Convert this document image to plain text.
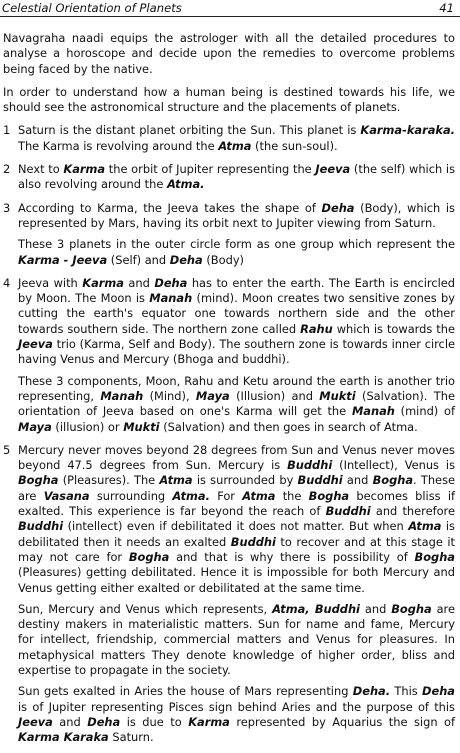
Celestial Orientation of Planets	41

Navagraha naadi equips the astrologer with all the detailed procedures to analyse a horoscope and decide upon the remedies to overcome problems being faced by the native.

In order to understand how a human being is destined towards his life, we should see the astronomical structure and the placements of planets.

1 Saturn is the distant planet orbiting the Sun. This planet is Karma-karaka. The Karma is revolving around the Atma (the sun-soul).

2 Next to Karma the orbit of Jupiter representing the Jeeva (the self) which is also revolving around the Atma.

3 According to Karma, the Jeeva takes the shape of Deha (Body), which is represented by Mars, having its orbit next to Jupiter viewing from Saturn.

These 3 planets in the outer circle form as one group which represent the Karma - Jeeva (Self) and Deha (Body)

4 Jeeva with Karma and Deha has to enter the earth. The Earth is encircled by Moon. The Moon is Manah (mind). Moon creates two sensitive zones by cutting the earth's equator one towards northern side and the other towards southern side. The northern zone called Rahu which is towards the Jeeva trio (Karma, Self and Body). The southern zone is towards inner circle having Venus and Mercury (Bhoga and buddhi).

These 3 components, Moon, Rahu and Ketu around the earth is another trio representing, Manah (Mind), Maya (Illusion) and Mukti (Salvation). The orientation of Jeeva based on one's Karma will get the Manah (mind) of Maya (illusion) or Mukti (Salvation) and then goes in search of Atma.

5 Mercury never moves beyond 28 degrees from Sun and Venus never moves beyond 47.5 degrees from Sun. Mercury is Buddhi (Intellect), Venus is Bogha (Pleasures). The Atma is surrounded by Buddhi and Bogha. These are Vasana surrounding Atma. For Atma the Bogha becomes bliss if exalted. This experience is far beyond the reach of Buddhi and therefore Buddhi (intellect) even if debilitated it does not matter. But when Atma is debilitated then it needs an exalted Buddhi to recover and at this stage it may not care for Bogha and that is why there is possibility of Bogha (Pleasures) getting debilitated. Hence it is impossible for both Mercury and Venus getting either exalted or debilitated at the same time.

Sun, Mercury and Venus which represents, Atma, Buddhi and Bogha are destiny makers in materialistic matters. Sun for name and fame, Mercury for intellect, friendship, commercial matters and Venus for pleasures. In metaphysical matters They denote knowledge of higher order, bliss and expertise to propagate in the society.

Sun gets exalted in Aries the house of Mars representing Deha. This Deha is of Jupiter representing Pisces sign behind Aries and the purpose of this Jeeva and Deha is due to Karma represented by Aquarius the sign of Karma Karaka Saturn.
